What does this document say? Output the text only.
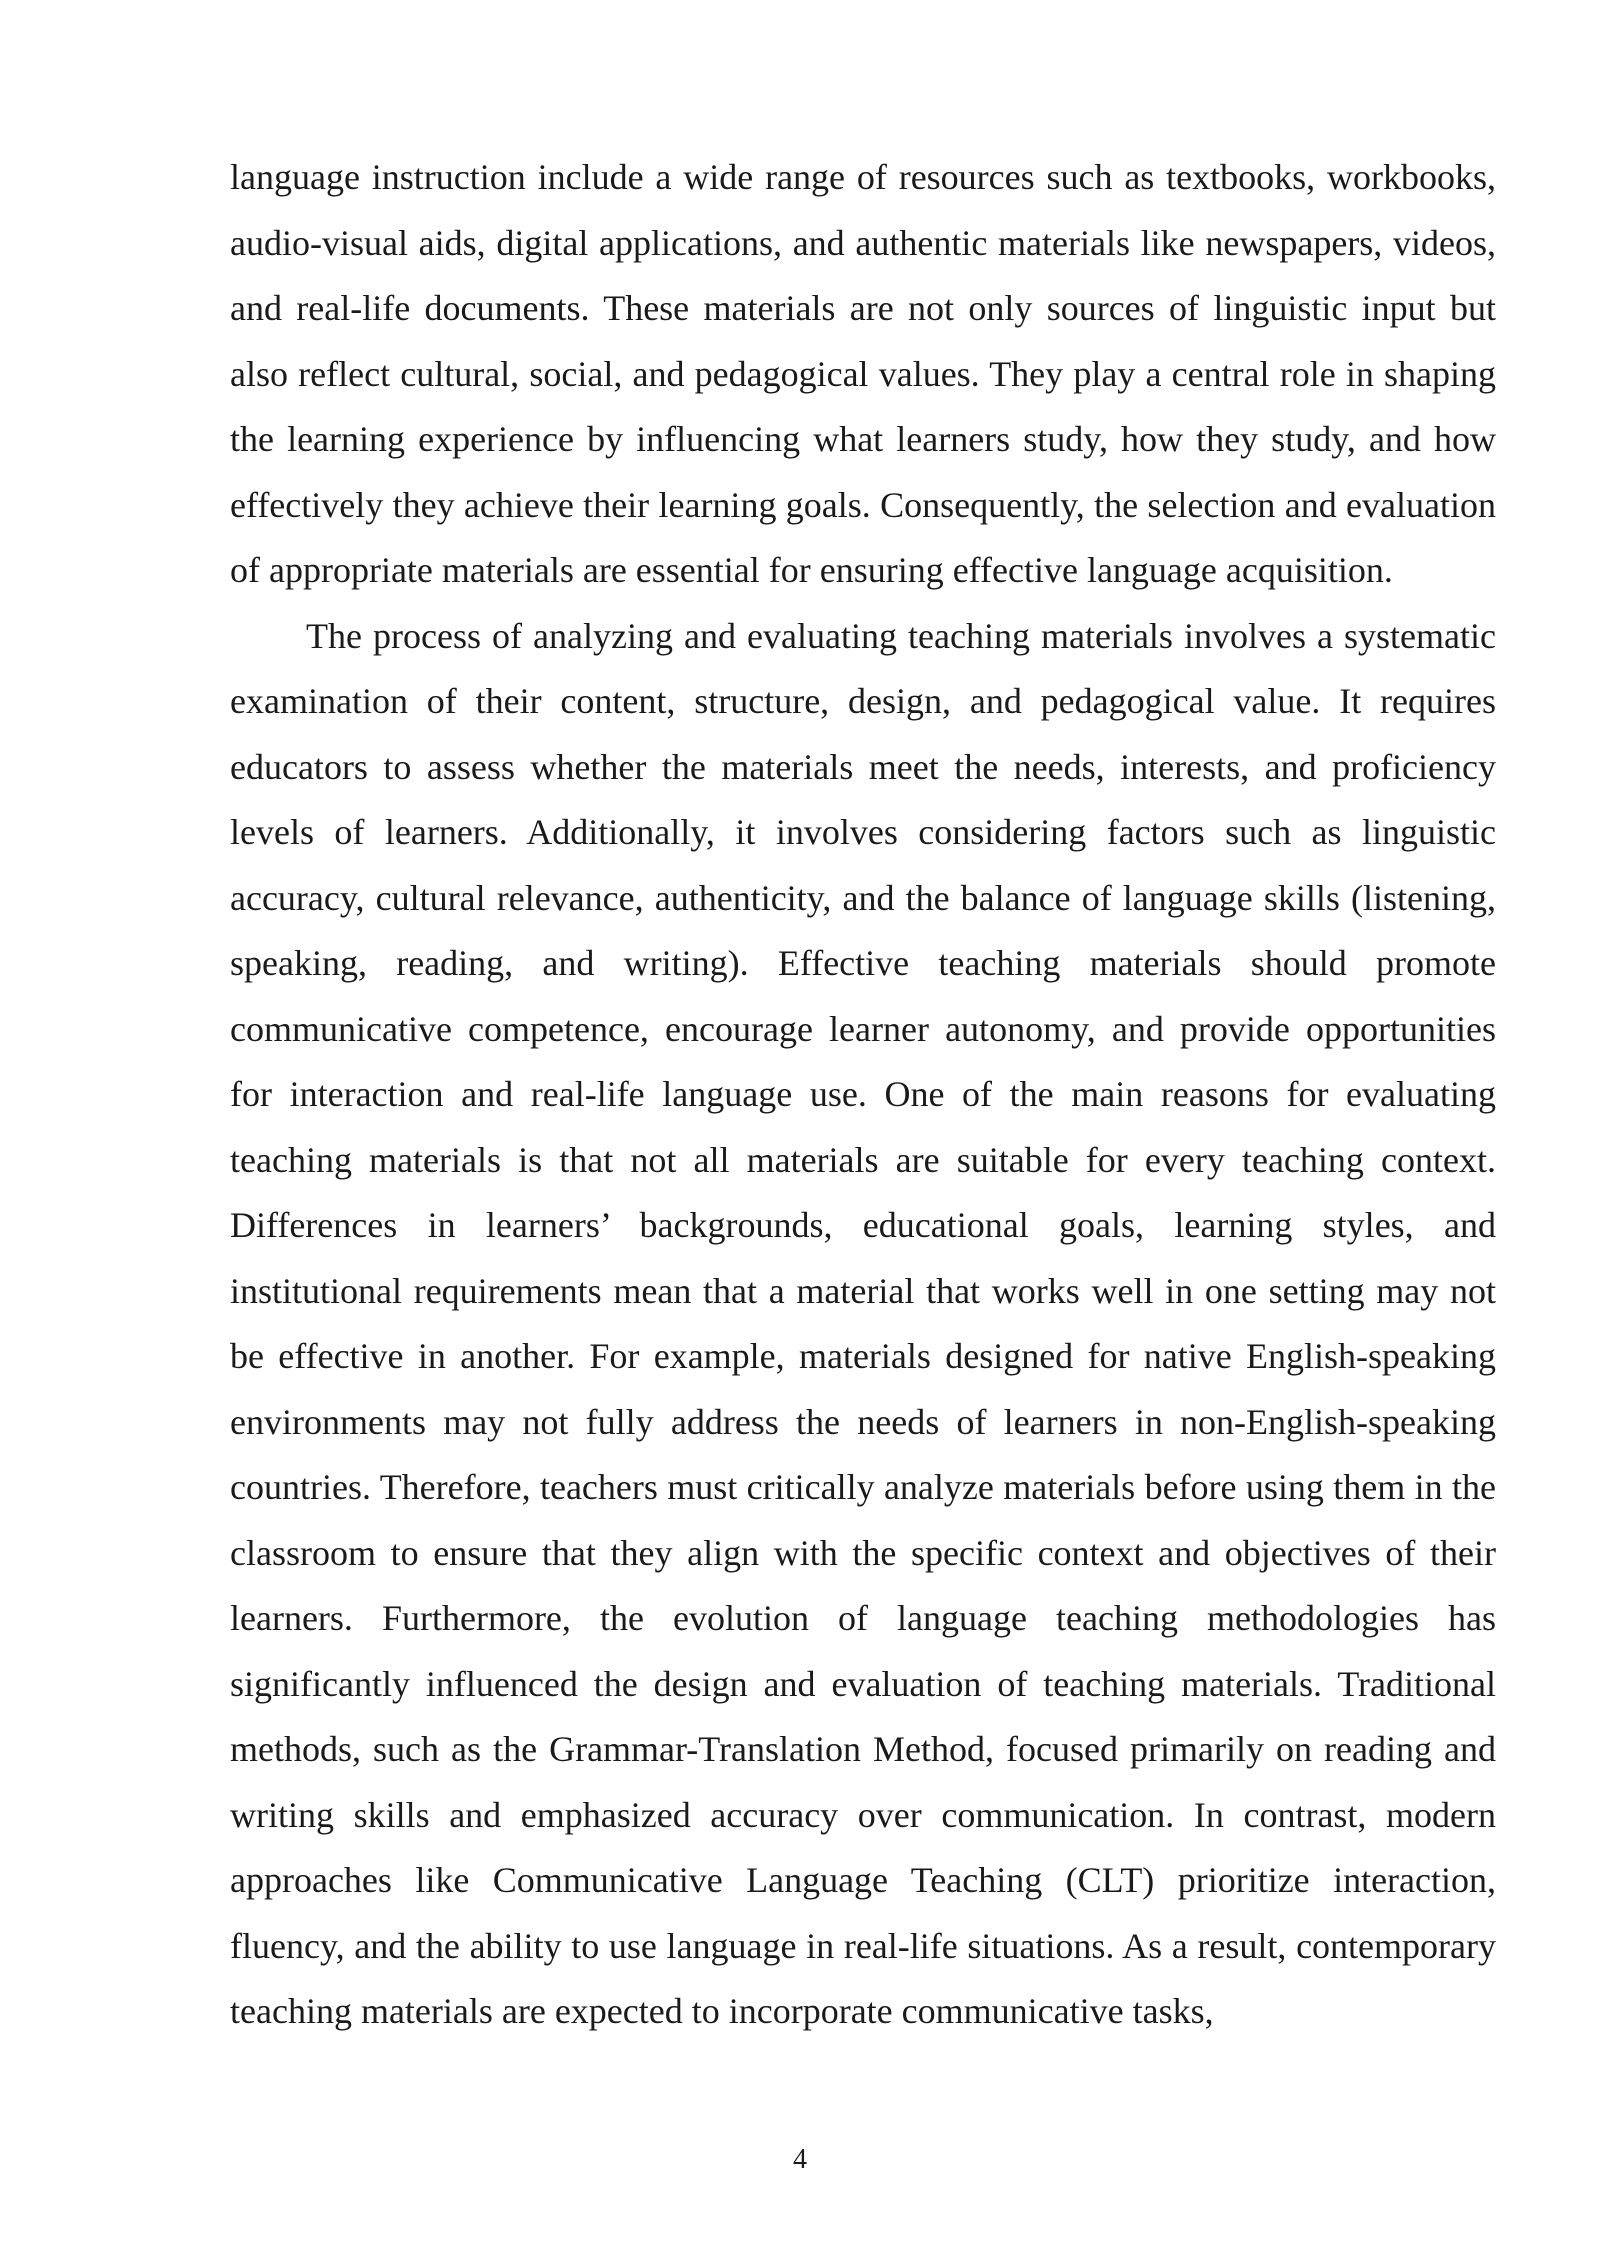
language instruction include a wide range of resources such as textbooks, workbooks, audio-visual aids, digital applications, and authentic materials like newspapers, videos, and real-life documents. These materials are not only sources of linguistic input but also reflect cultural, social, and pedagogical values. They play a central role in shaping the learning experience by influencing what learners study, how they study, and how effectively they achieve their learning goals. Consequently, the selection and evaluation of appropriate materials are essential for ensuring effective language acquisition.

The process of analyzing and evaluating teaching materials involves a systematic examination of their content, structure, design, and pedagogical value. It requires educators to assess whether the materials meet the needs, interests, and proficiency levels of learners. Additionally, it involves considering factors such as linguistic accuracy, cultural relevance, authenticity, and the balance of language skills (listening, speaking, reading, and writing). Effective teaching materials should promote communicative competence, encourage learner autonomy, and provide opportunities for interaction and real-life language use. One of the main reasons for evaluating teaching materials is that not all materials are suitable for every teaching context. Differences in learners’ backgrounds, educational goals, learning styles, and institutional requirements mean that a material that works well in one setting may not be effective in another. For example, materials designed for native English-speaking environments may not fully address the needs of learners in non-English-speaking countries. Therefore, teachers must critically analyze materials before using them in the classroom to ensure that they align with the specific context and objectives of their learners. Furthermore, the evolution of language teaching methodologies has significantly influenced the design and evaluation of teaching materials. Traditional methods, such as the Grammar-Translation Method, focused primarily on reading and writing skills and emphasized accuracy over communication. In contrast, modern approaches like Communicative Language Teaching (CLT) prioritize interaction, fluency, and the ability to use language in real-life situations. As a result, contemporary teaching materials are expected to incorporate communicative tasks,

4
